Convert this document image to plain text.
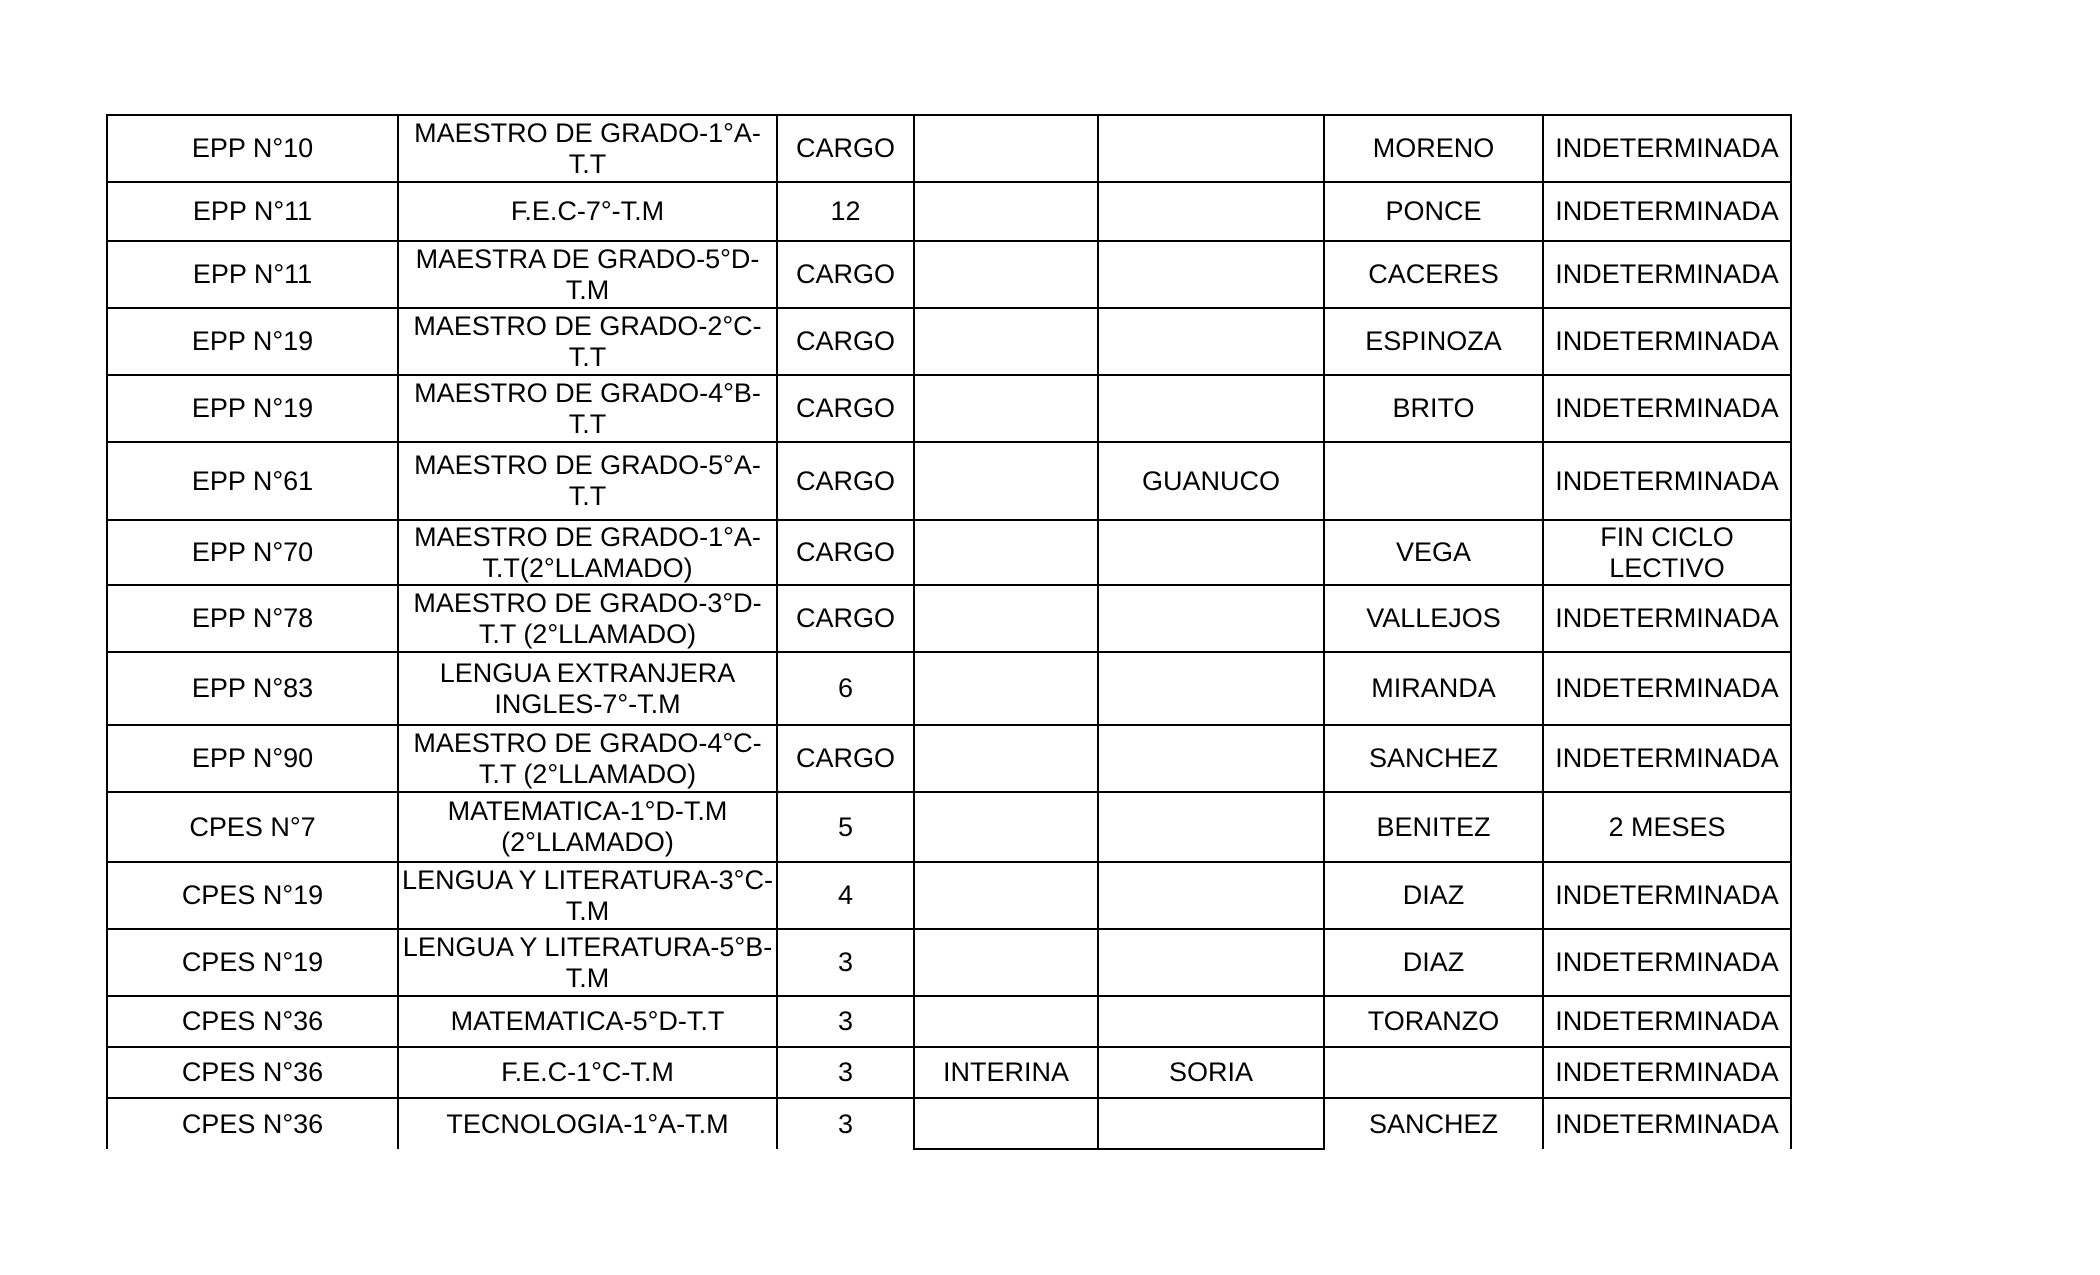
EPP N°10	MAESTRO DE GRADO-1°A-T.T	CARGO			MORENO	INDETERMINADA
EPP N°11	F.E.C-7°-T.M	12			PONCE	INDETERMINADA
EPP N°11	MAESTRA DE GRADO-5°D-T.M	CARGO			CACERES	INDETERMINADA
EPP N°19	MAESTRO DE GRADO-2°C-T.T	CARGO			ESPINOZA	INDETERMINADA
EPP N°19	MAESTRO DE GRADO-4°B-T.T	CARGO			BRITO	INDETERMINADA
EPP N°61	MAESTRO DE GRADO-5°A-T.T	CARGO		GUANUCO		INDETERMINADA
EPP N°70	MAESTRO DE GRADO-1°A-T.T(2°LLAMADO)	CARGO			VEGA	FIN CICLO LECTIVO
EPP N°78	MAESTRO DE GRADO-3°D-T.T (2°LLAMADO)	CARGO			VALLEJOS	INDETERMINADA
EPP N°83	LENGUA EXTRANJERA INGLES-7°-T.M	6			MIRANDA	INDETERMINADA
EPP N°90	MAESTRO DE GRADO-4°C-T.T (2°LLAMADO)	CARGO			SANCHEZ	INDETERMINADA
CPES N°7	MATEMATICA-1°D-T.M (2°LLAMADO)	5			BENITEZ	2 MESES
CPES N°19	LENGUA Y LITERATURA-3°C-T.M	4			DIAZ	INDETERMINADA
CPES N°19	LENGUA Y LITERATURA-5°B-T.M	3			DIAZ	INDETERMINADA
CPES N°36	MATEMATICA-5°D-T.T	3			TORANZO	INDETERMINADA
CPES N°36	F.E.C-1°C-T.M	3	INTERINA	SORIA		INDETERMINADA
CPES N°36	TECNOLOGIA-1°A-T.M	3			SANCHEZ	INDETERMINADA
